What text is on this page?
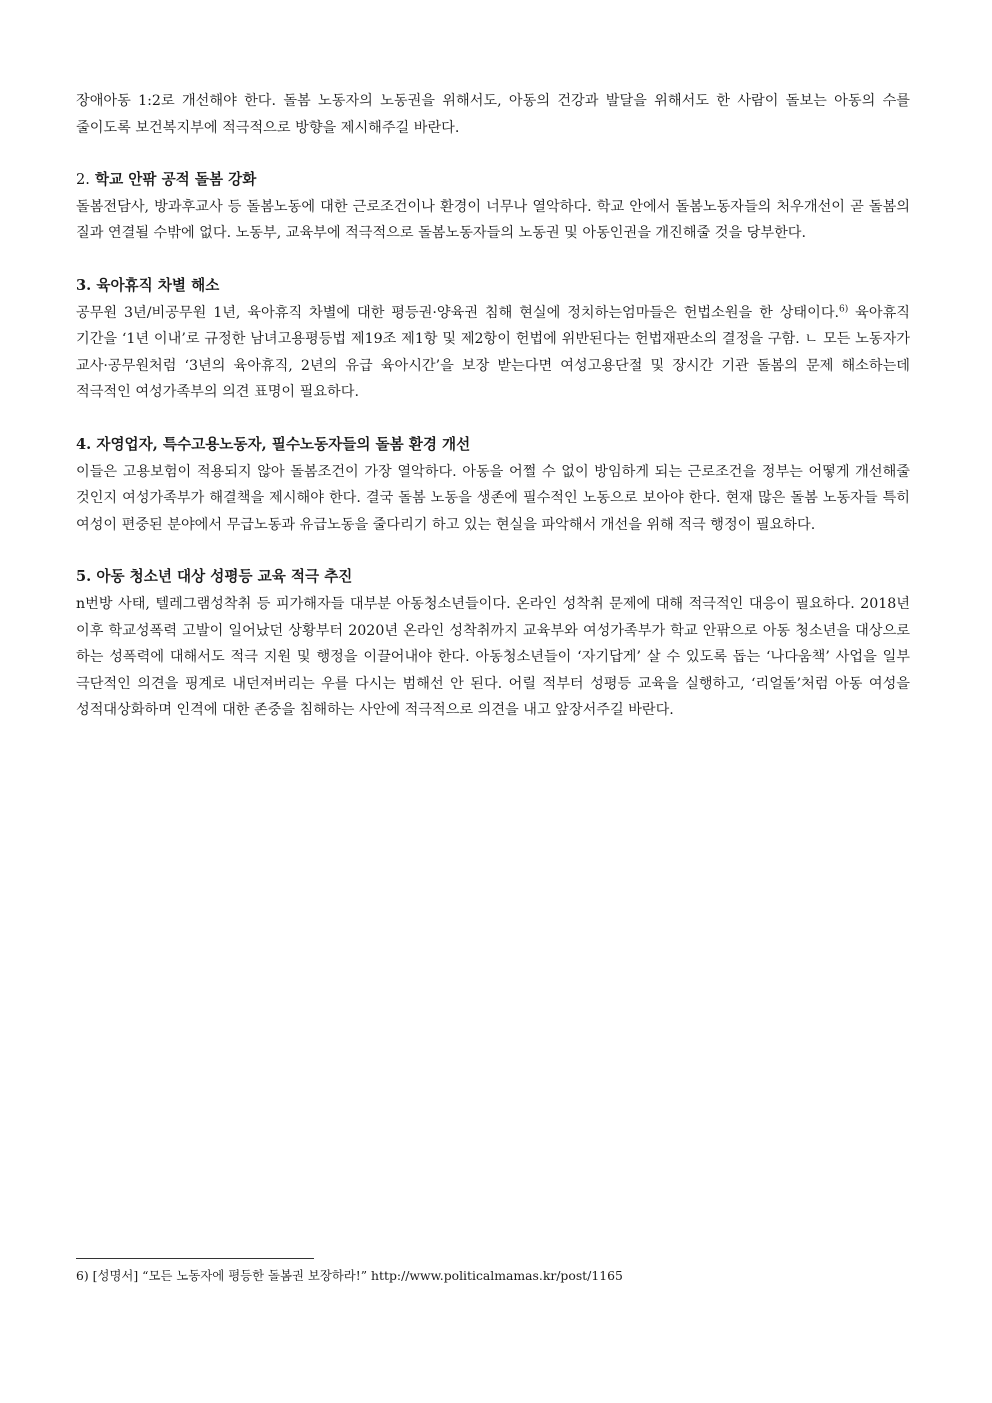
장애아동 1:2로 개선해야 한다. 돌봄 노동자의 노동권을 위해서도, 아동의 건강과 발달을 위해서도 한 사람이 돌보는 아동의 수를 줄이도록 보건복지부에 적극적으로 방향을 제시해주길 바란다.

2. 학교 안팎 공적 돌봄 강화

돌봄전담사, 방과후교사 등 돌봄노동에 대한 근로조건이나 환경이 너무나 열악하다. 학교 안에서 돌봄노동자들의 처우개선이 곧 돌봄의 질과 연결될 수밖에 없다. 노동부, 교육부에 적극적으로 돌봄노동자들의 노동권 및 아동인권을 개진해줄 것을 당부한다.

3. 육아휴직 차별 해소

공무원 3년/비공무원 1년, 육아휴직 차별에 대한 평등권·양육권 침해 현실에 정치하는엄마들은 헌법소원을 한 상태이다.$^{6)}$ 육아휴직 기간을 ‘1년 이내’로 규정한 남녀고용평등법 제19조 제1항 및 제2항이 헌법에 위반된다는 헌법재판소의 결정을 구함. ㄴ 모든 노동자가 교사·공무원처럼 ‘3년의 육아휴직, 2년의 유급 육아시간’을 보장 받는다면 여성고용단절 및 장시간 기관 돌봄의 문제 해소하는데 적극적인 여성가족부의 의견 표명이 필요하다.

4. 자영업자, 특수고용노동자, 필수노동자들의 돌봄 환경 개선

이들은 고용보험이 적용되지 않아 돌봄조건이 가장 열악하다. 아동을 어쩔 수 없이 방임하게 되는 근로조건을 정부는 어떻게 개선해줄 것인지 여성가족부가 해결책을 제시해야 한다. 결국 돌봄 노동을 생존에 필수적인 노동으로 보아야 한다. 현재 많은 돌봄 노동자들 특히 여성이 편중된 분야에서 무급노동과 유급노동을 줄다리기 하고 있는 현실을 파악해서 개선을 위해 적극 행정이 필요하다.

5. 아동 청소년 대상 성평등 교육 적극 추진

n번방 사태, 텔레그램성착취 등 피가해자들 대부분 아동청소년들이다. 온라인 성착취 문제에 대해 적극적인 대응이 필요하다. 2018년 이후 학교성폭력 고발이 일어났던 상황부터 2020년 온라인 성착취까지 교육부와 여성가족부가 학교 안팎으로 아동 청소년을 대상으로 하는 성폭력에 대해서도 적극 지원 및 행정을 이끌어내야 한다. 아동청소년들이 ‘자기답게’ 살 수 있도록 돕는 ‘나다움책’ 사업을 일부 극단적인 의견을 핑계로 내던져버리는 우를 다시는 범해선 안 된다. 어릴 적부터 성평등 교육을 실행하고, ‘리얼돌’처럼 아동 여성을 성적대상화하며 인격에 대한 존중을 침해하는 사안에 적극적으로 의견을 내고 앞장서주길 바란다.

6) [성명서] “모든 노동자에 평등한 돌봄권 보장하라!” http://www.politicalmamas.kr/post/1165
